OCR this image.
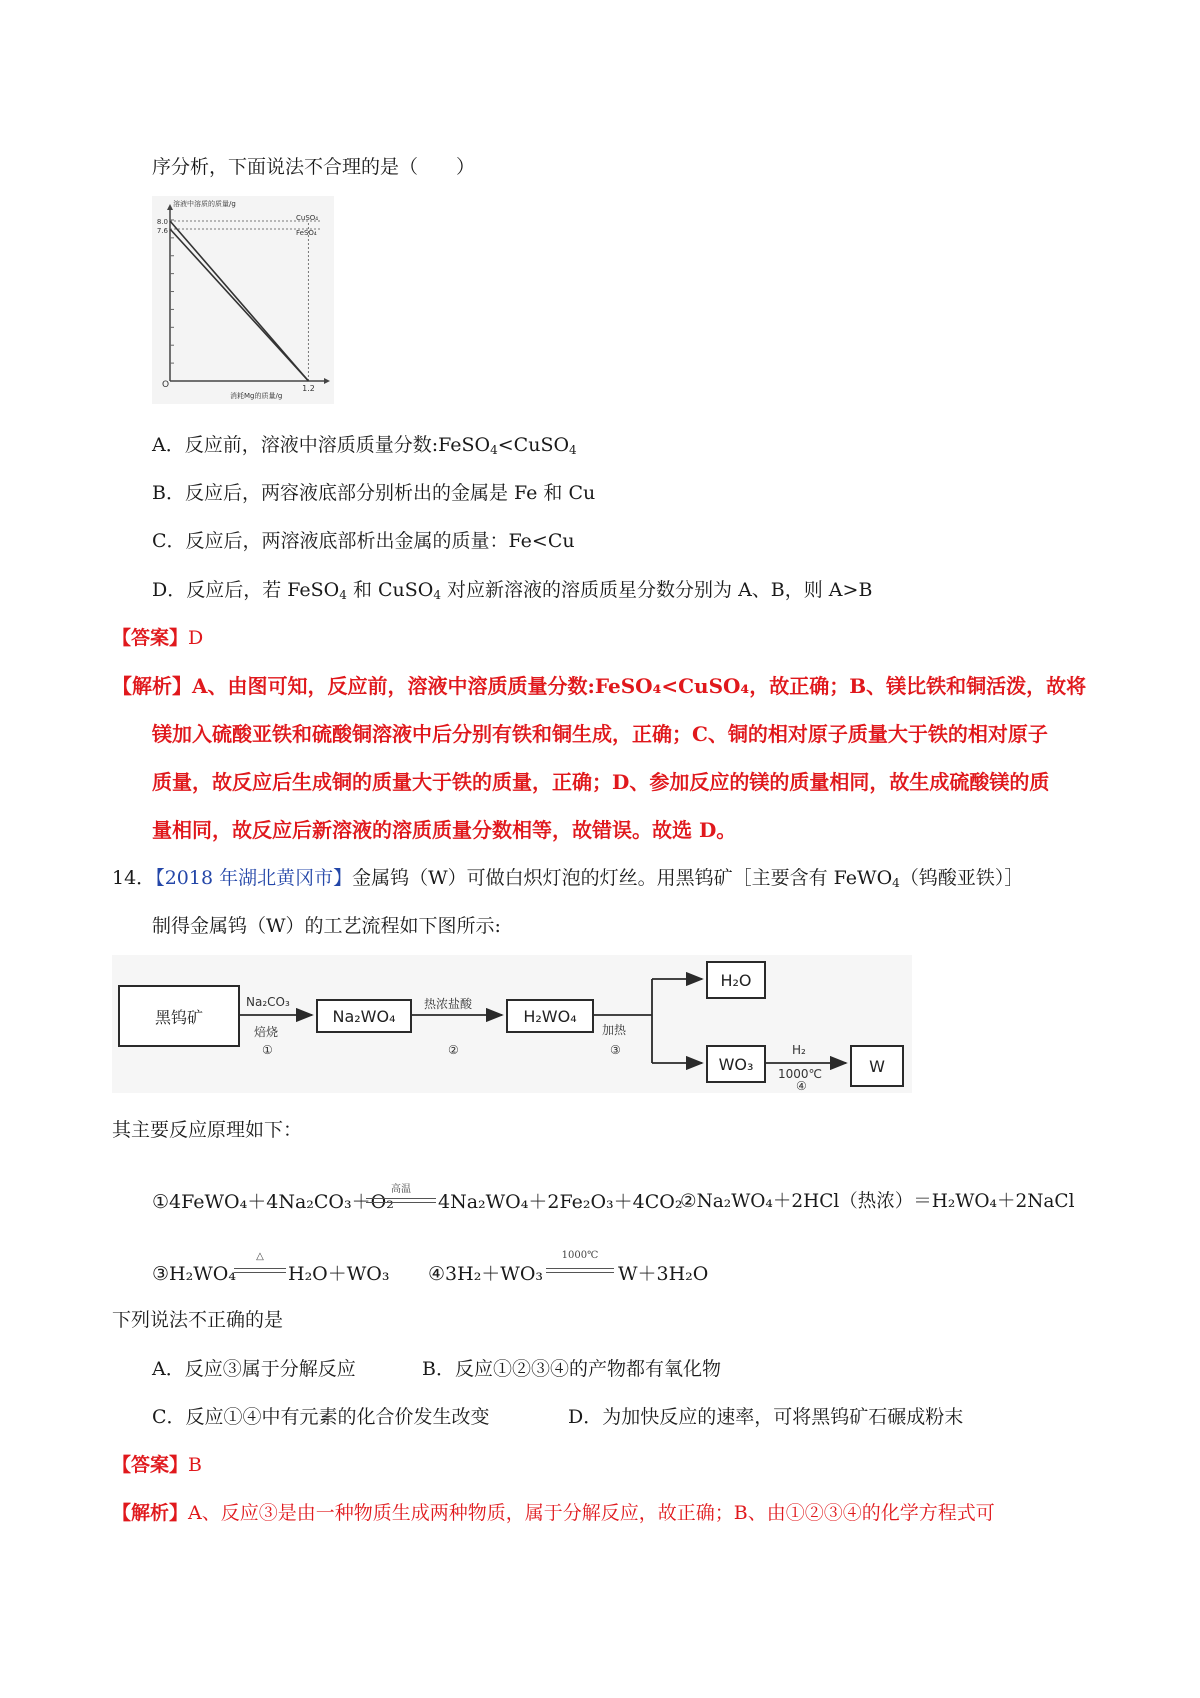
序分析，下面说法不合理的是（　　）
溶液中溶质的质量/g
O
消耗Mg的质量/g
8.0
7.6
1.2
CuSO₄
FeSO₄
A．反应前，溶液中溶质质量分数:FeSO$_4$<CuSO$_4$
B．反应后，两容液底部分别析出的金属是 Fe 和 Cu
C．反应后，两溶液底部析出金属的质量：Fe<Cu
D．反应后，若 FeSO$_4$ 和 CuSO$_4$ 对应新溶液的溶质质星分数分别为 A、B，则 A>B
【答案】D
【解析】A、由图可知，反应前，溶液中溶质质量分数:FeSO₄<CuSO₄，故正确；B、镁比铁和铜活泼，故将
镁加入硫酸亚铁和硫酸铜溶液中后分别有铁和铜生成，正确；C、铜的相对原子质量大于铁的相对原子
质量，故反应后生成铜的质量大于铁的质量，正确；D、参加反应的镁的质量相同，故生成硫酸镁的质
量相同，故反应后新溶液的溶质质量分数相等，故错误。故选 D。
14．【2018 年湖北黄冈市】金属钨（W）可做白炽灯泡的灯丝。用黑钨矿［主要含有 FeWO$_4$（钨酸亚铁）］
制得金属钨（W）的工艺流程如下图所示:
黑钨矿	Na₂WO₄	H₂WO₄
H₂O
WO₃	W
Na₂CO₃
焙烧
①
热浓盐酸
②
加热
③	H₂
1000℃
④
其主要反应原理如下：
①4FeWO₄＋4Na₂CO₃＋O₂
高温
4Na₂WO₄＋2Fe₂O₃＋4CO₂
②Na₂WO₄＋2HCl（热浓）＝H₂WO₄＋2NaCl
③H₂WO₄
△
H₂O＋WO₃ ④3H₂＋WO₃
1000℃
W＋3H₂O
下列说法不正确的是
A．反应③属于分解反应	B．反应①②③④的产物都有氧化物
C．反应①④中有元素的化合价发生改变	D．为加快反应的速率，可将黑钨矿石碾成粉末
【答案】B
【解析】A、反应③是由一种物质生成两种物质，属于分解反应，故正确；B、由①②③④的化学方程式可
